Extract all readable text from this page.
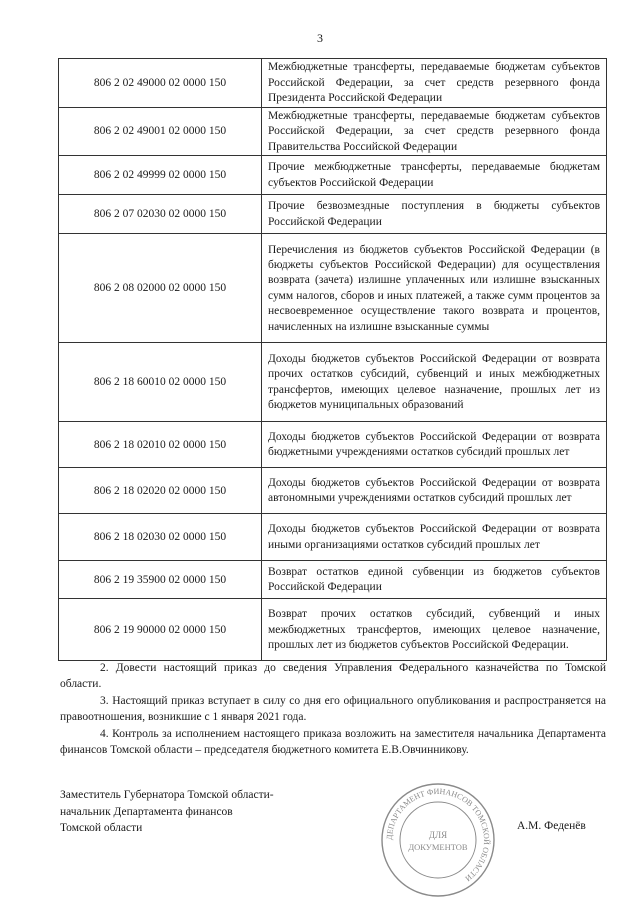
3
806 2 02 49000 02 0000 150	Межбюджетные трансферты, передаваемые бюджетам субъектов Российской Федерации, за счет средств резервного фонда Президента Российской Федерации
806 2 02 49001 02 0000 150	Межбюджетные трансферты, передаваемые бюджетам субъектов Российской Федерации, за счет средств резервного фонда Правительства Российской Федерации
806 2 02 49999 02 0000 150	Прочие межбюджетные трансферты, передаваемые бюджетам субъектов Российской Федерации
806 2 07 02030 02 0000 150	Прочие безвозмездные поступления в бюджеты субъектов Российской Федерации
806 2 08 02000 02 0000 150	Перечисления из бюджетов субъектов Российской Федерации (в бюджеты субъектов Российской Федерации) для осуществления возврата (зачета) излишне уплаченных или излишне взысканных сумм налогов, сборов и иных платежей, а также сумм процентов за несвоевременное осуществление такого возврата и процентов, начисленных на излишне взысканные суммы
806 2 18 60010 02 0000 150	Доходы бюджетов субъектов Российской Федерации от возврата прочих остатков субсидий, субвенций и иных межбюджетных трансфертов, имеющих целевое назначение, прошлых лет из бюджетов муниципальных образований
806 2 18 02010 02 0000 150	Доходы бюджетов субъектов Российской Федерации от возврата бюджетными учреждениями остатков субсидий прошлых лет
806 2 18 02020 02 0000 150	Доходы бюджетов субъектов Российской Федерации от возврата автономными учреждениями остатков субсидий прошлых лет
806 2 18 02030 02 0000 150	Доходы бюджетов субъектов Российской Федерации от возврата иными организациями остатков субсидий прошлых лет
806 2 19 35900 02 0000 150	Возврат остатков единой субвенции из бюджетов субъектов Российской Федерации
806 2 19 90000 02 0000 150	Возврат прочих остатков субсидий, субвенций и иных межбюджетных трансфертов, имеющих целевое назначение, прошлых лет из бюджетов субъектов Российской Федерации.
2. Довести настоящий приказ до сведения Управления Федерального казначейства по Томской области.
3. Настоящий приказ вступает в силу со дня его официального опубликования и распространяется на правоотношения, возникшие с 1 января 2021 года.
4. Контроль за исполнением настоящего приказа возложить на заместителя начальника Департамента финансов Томской области – председателя бюджетного комитета Е.В.Овчинникову.
Заместитель Губернатора Томской области-
начальник Департамента финансов
Томской области	А.М. Феденёв
ДЕПАРТАМЕНТ ФИНАНСОВ ТОМСКОЙ ОБЛАСТИ
ДЛЯ
ДОКУМЕНТОВ
